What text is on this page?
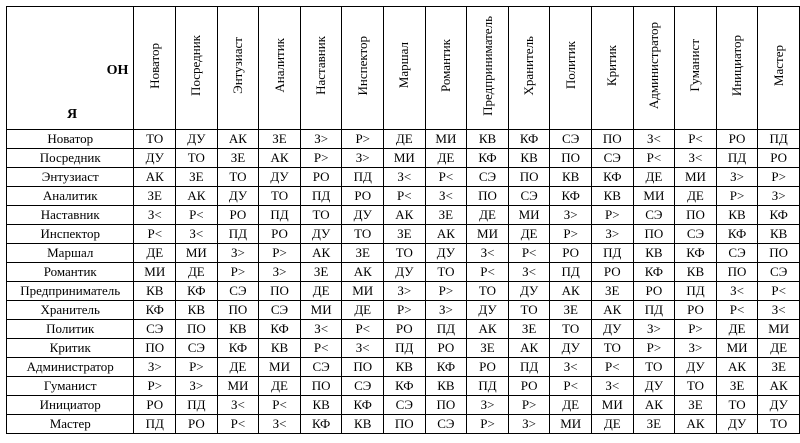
ОН
Я	Новатор	Посредник	Энтузиаст	Аналитик	Наставник	Инспектор	Маршал	Романтик	Предприниматель	Хранитель	Политик	Критик	Администратор	Гуманист	Инициатор	Мастер
Новатор	ТО	ДУ	АК	ЗЕ	З>	Р>	ДЕ	МИ	КВ	КФ	СЭ	ПО	З<	Р<	РО	ПД
Посредник	ДУ	ТО	ЗЕ	АК	Р>	З>	МИ	ДЕ	КФ	КВ	ПО	СЭ	Р<	З<	ПД	РО
Энтузиаст	АК	ЗЕ	ТО	ДУ	РО	ПД	З<	Р<	СЭ	ПО	КВ	КФ	ДЕ	МИ	З>	Р>
Аналитик	ЗЕ	АК	ДУ	ТО	ПД	РО	Р<	З<	ПО	СЭ	КФ	КВ	МИ	ДЕ	Р>	З>
Наставник	З<	Р<	РО	ПД	ТО	ДУ	АК	ЗЕ	ДЕ	МИ	З>	Р>	СЭ	ПО	КВ	КФ
Инспектор	Р<	З<	ПД	РО	ДУ	ТО	ЗЕ	АК	МИ	ДЕ	Р>	З>	ПО	СЭ	КФ	КВ
Маршал	ДЕ	МИ	З>	Р>	АК	ЗЕ	ТО	ДУ	З<	Р<	РО	ПД	КВ	КФ	СЭ	ПО
Романтик	МИ	ДЕ	Р>	З>	ЗЕ	АК	ДУ	ТО	Р<	З<	ПД	РО	КФ	КВ	ПО	СЭ
Предприниматель	КВ	КФ	СЭ	ПО	ДЕ	МИ	З>	Р>	ТО	ДУ	АК	ЗЕ	РО	ПД	З<	Р<
Хранитель	КФ	КВ	ПО	СЭ	МИ	ДЕ	Р>	З>	ДУ	ТО	ЗЕ	АК	ПД	РО	Р<	З<
Политик	СЭ	ПО	КВ	КФ	З<	Р<	РО	ПД	АК	ЗЕ	ТО	ДУ	З>	Р>	ДЕ	МИ
Критик	ПО	СЭ	КФ	КВ	Р<	З<	ПД	РО	ЗЕ	АК	ДУ	ТО	Р>	З>	МИ	ДЕ
Администратор	З>	Р>	ДЕ	МИ	СЭ	ПО	КВ	КФ	РО	ПД	З<	Р<	ТО	ДУ	АК	ЗЕ
Гуманист	Р>	З>	МИ	ДЕ	ПО	СЭ	КФ	КВ	ПД	РО	Р<	З<	ДУ	ТО	ЗЕ	АК
Инициатор	РО	ПД	З<	Р<	КВ	КФ	СЭ	ПО	З>	Р>	ДЕ	МИ	АК	ЗЕ	ТО	ДУ
Мастер	ПД	РО	Р<	З<	КФ	КВ	ПО	СЭ	Р>	З>	МИ	ДЕ	ЗЕ	АК	ДУ	ТО
